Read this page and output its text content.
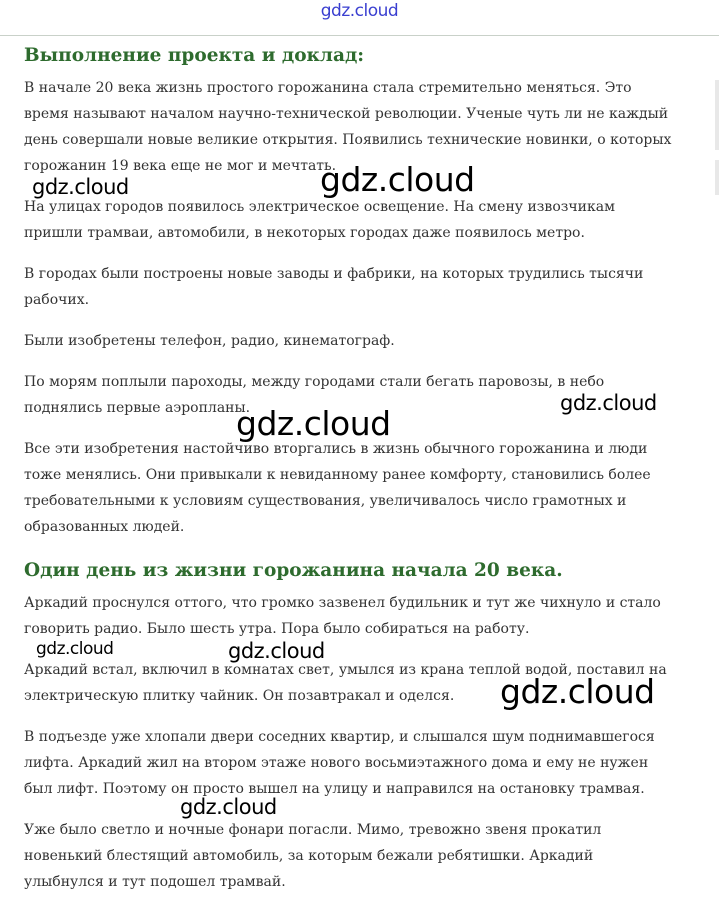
gdz.cloud
Выполнение проекта и доклад:

В начале 20 века жизнь простого горожанина стала стремительно меняться. Это время называют началом научно-технической революции. Ученые чуть ли не каждый день совершали новые великие открытия. Появились технические новинки, о которых горожанин 19 века еще не мог и мечтать.

На улицах городов появилось электрическое освещение. На смену извозчикам пришли трамваи, автомобили, в некоторых городах даже появилось метро.

В городах были построены новые заводы и фабрики, на которых трудились тысячи рабочих.

Были изобретены телефон, радио, кинематограф.

По морям поплыли пароходы, между городами стали бегать паровозы, в небо поднялись первые аэропланы.

Все эти изобретения настойчиво вторгались в жизнь обычного горожанина и люди тоже менялись. Они привыкали к невиданному ранее комфорту, становились более требовательными к условиям существования, увеличивалось число грамотных и образованных людей.

Один день из жизни горожанина начала 20 века.

Аркадий проснулся оттого, что громко зазвенел будильник и тут же чихнуло и стало говорить радио. Было шесть утра. Пора было собираться на работу.

Аркадий встал, включил в комнатах свет, умылся из крана теплой водой, поставил на электрическую плитку чайник. Он позавтракал и оделся.

В подъезде уже хлопали двери соседних квартир, и слышался шум поднимавшегося лифта. Аркадий жил на втором этаже нового восьмиэтажного дома и ему не нужен был лифт. Поэтому он просто вышел на улицу и направился на остановку трамвая.

Уже было светло и ночные фонари погасли. Мимо, тревожно звеня прокатил новенький блестящий автомобиль, за которым бежали ребятишки. Аркадий улыбнулся и тут подошел трамвай.

gdz.cloud	gdz.cloud
gdz.cloud
gdz.cloud
gdz.cloud	gdz.cloud
gdz.cloud
gdz.cloud
